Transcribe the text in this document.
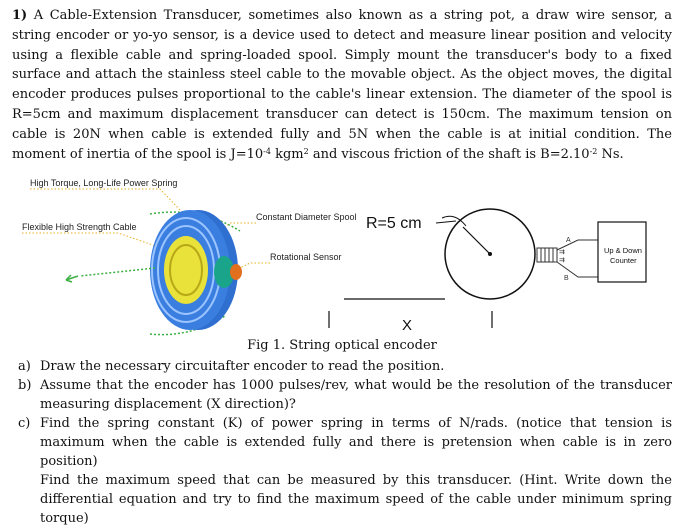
1) A Cable-Extension Transducer, sometimes also known as a string pot, a draw wire sensor, a string encoder or yo-yo sensor, is a device used to detect and measure linear position and velocity using a flexible cable and spring-loaded spool. Simply mount the transducer's body to a fixed surface and attach the stainless steel cable to the movable object. As the object moves, the digital encoder produces pulses proportional to the cable's linear extension. The diameter of the spool is R=5cm and maximum displacement transducer can detect is 150cm. The maximum tension on cable is 20N when cable is extended fully and 5N when the cable is at initial condition. The moment of inertia of the spool is $J=10^{-4}$ kgm$^2$ and viscous friction of the shaft is $B=2.10^{-2}$ Ns.
High Torque, Long-Life Power Spring
Flexible High Strength Cable
Constant Diameter Spool
Rotational Sensor
R=5 cm
⇉
⇉
A
B
Up & Down
Counter
X
Fig 1. String optical encoder
a) Draw the necessary circuitafter encoder to read the position.
b) Assume that the encoder has 1000 pulses/rev, what would be the resolution of the transducer measuring displacement (X direction)?
c) Find the spring constant (K) of power spring in terms of N/rads. (notice that tension is maximum when the cable is extended fully and there is pretension when cable is in zero position)

Find the maximum speed that can be measured by this transducer. (Hint. Write down the differential equation and try to find the maximum speed of the cable under minimum spring torque)
